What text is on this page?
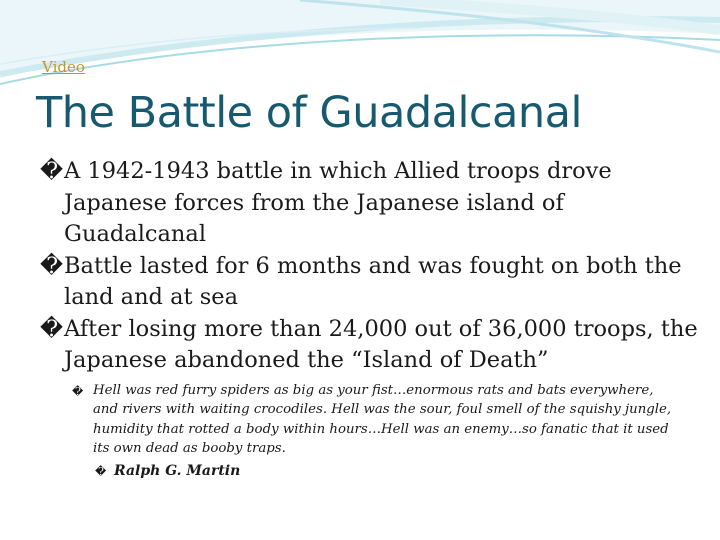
Video
The Battle of Guadalcanal

� A 1942-1943 battle in which Allied troops drove Japanese forces from the Japanese island of Guadalcanal

� Battle lasted for 6 months and was fought on both the land and at sea

� After losing more than 24,000 out of 36,000 troops, the Japanese abandoned the “Island of Death”

� Hell was red furry spiders as big as your fist…enormous rats and bats everywhere, and rivers with waiting crocodiles. Hell was the sour, foul smell of the squishy jungle, humidity that rotted a body within hours…Hell was an enemy…so fanatic that it used its own dead as booby traps.

� Ralph G. Martin
